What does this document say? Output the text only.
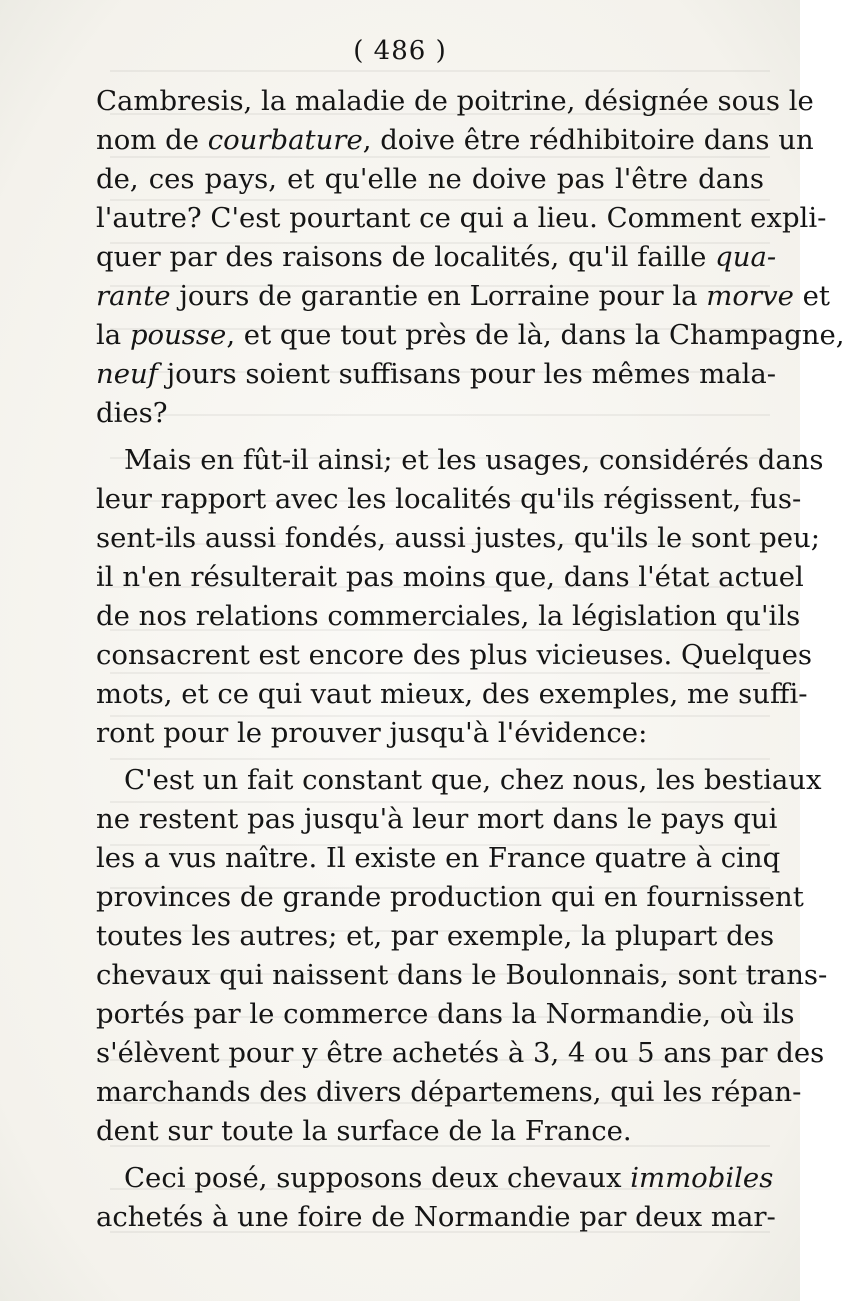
( 486 )
Cambresis, la maladie de poitrine, désignée sous le
nom de courbature, doive être rédhibitoire dans un
de, ces pays, et qu'elle ne doive pas l'être dans
l'autre? C'est pourtant ce qui a lieu. Comment expli-
quer par des raisons de localités, qu'il faille qua-
rante jours de garantie en Lorraine pour la morve et
la pousse, et que tout près de là, dans la Champagne,
neuf jours soient suffisans pour les mêmes mala-
dies?
Mais en fût-il ainsi; et les usages, considérés dans
leur rapport avec les localités qu'ils régissent, fus-
sent-ils aussi fondés, aussi justes, qu'ils le sont peu;
il n'en résulterait pas moins que, dans l'état actuel
de nos relations commerciales, la législation qu'ils
consacrent est encore des plus vicieuses. Quelques
mots, et ce qui vaut mieux, des exemples, me suffi-
ront pour le prouver jusqu'à l'évidence:
C'est un fait constant que, chez nous, les bestiaux
ne restent pas jusqu'à leur mort dans le pays qui
les a vus naître. Il existe en France quatre à cinq
provinces de grande production qui en fournissent
toutes les autres; et, par exemple, la plupart des
chevaux qui naissent dans le Boulonnais, sont trans-
portés par le commerce dans la Normandie, où ils
s'élèvent pour y être achetés à 3, 4 ou 5 ans par des
marchands des divers départemens, qui les répan-
dent sur toute la surface de la France.
Ceci posé, supposons deux chevaux immobiles
achetés à une foire de Normandie par deux mar-
